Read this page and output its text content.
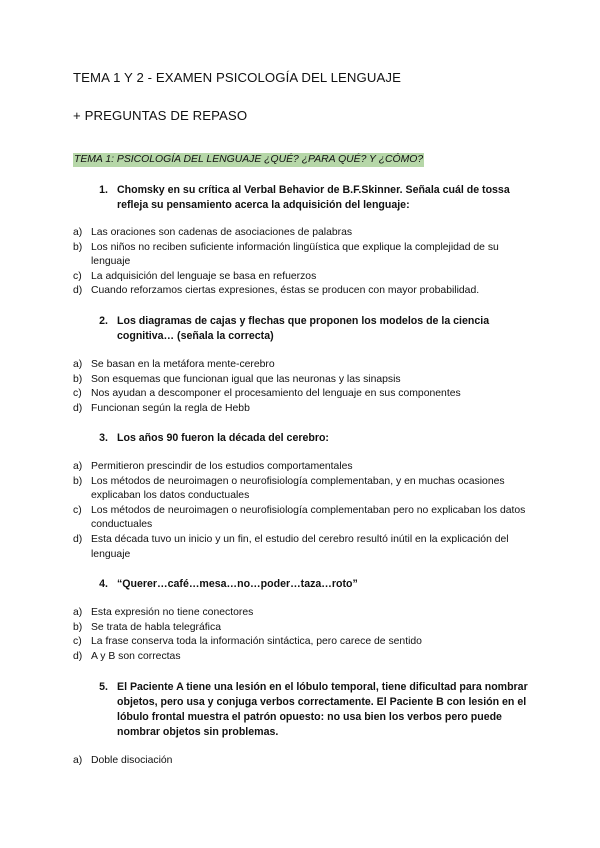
TEMA 1 Y 2 - EXAMEN PSICOLOGÍA DEL LENGUAJE

+ PREGUNTAS DE REPASO

TEMA 1: PSICOLOGÍA DEL LENGUAJE ¿QUÉ? ¿PARA QUÉ? Y ¿CÓMO?

1. Chomsky en su crítica al Verbal Behavior de B.F.Skinner. Señala cuál de tossa refleja su pensamiento acerca la adquisición del lenguaje:
a) Las oraciones son cadenas de asociaciones de palabras
b) Los niños no reciben suficiente información lingüística que explique la complejidad de su lenguaje
c) La adquisición del lenguaje se basa en refuerzos
d) Cuando reforzamos ciertas expresiones, éstas se producen con mayor probabilidad.
2. Los diagramas de cajas y flechas que proponen los modelos de la ciencia cognitiva… (señala la correcta)
a) Se basan en la metáfora mente-cerebro
b) Son esquemas que funcionan igual que las neuronas y las sinapsis
c) Nos ayudan a descomponer el procesamiento del lenguaje en sus componentes
d) Funcionan según la regla de Hebb
3. Los años 90 fueron la década del cerebro:
a) Permitieron prescindir de los estudios comportamentales
b) Los métodos de neuroimagen o neurofisiología complementaban, y en muchas ocasiones explicaban los datos conductuales
c) Los métodos de neuroimagen o neurofisiología complementaban pero no explicaban los datos conductuales
d) Esta década tuvo un inicio y un fin, el estudio del cerebro resultó inútil en la explicación del lenguaje
4. “Querer…café…mesa…no…poder…taza…roto”
a) Esta expresión no tiene conectores
b) Se trata de habla telegráfica
c) La frase conserva toda la información sintáctica, pero carece de sentido
d) A y B son correctas
5. El Paciente A tiene una lesión en el lóbulo temporal, tiene dificultad para nombrar objetos, pero usa y conjuga verbos correctamente. El Paciente B con lesión en el lóbulo frontal muestra el patrón opuesto: no usa bien los verbos pero puede nombrar objetos sin problemas.
a) Doble disociación
